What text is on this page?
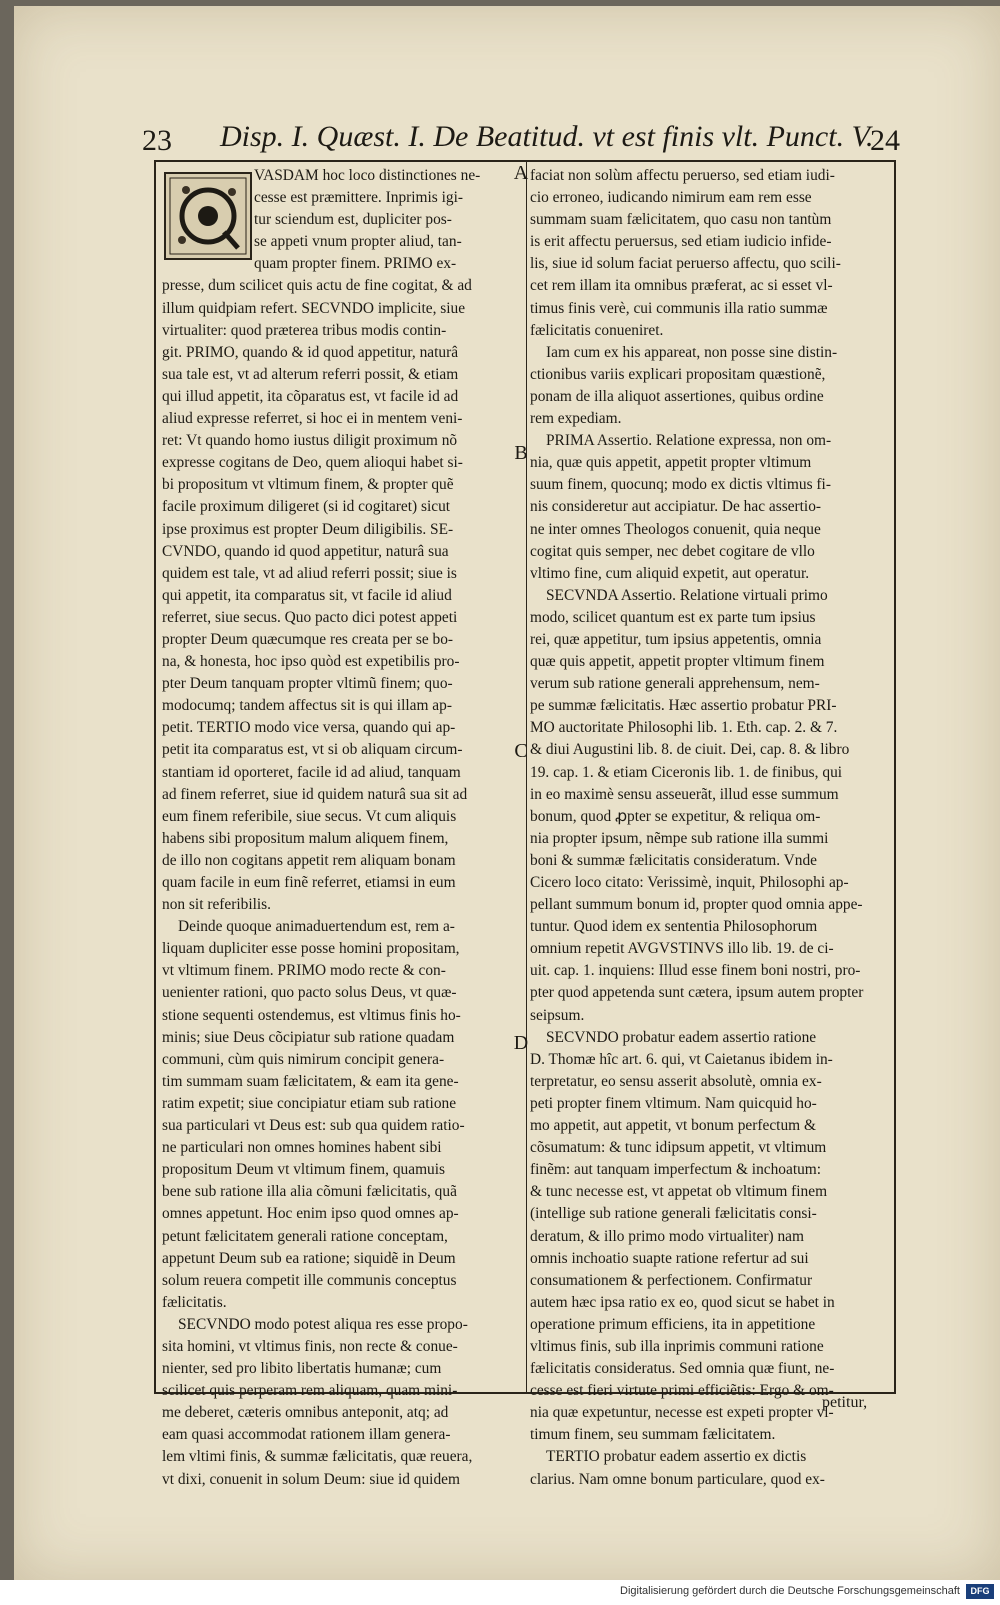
23 Disp. I. Quæst. I. De Beatitud. vt est finis vlt. Punct. V.
24
VASDAM hoc loco distinctiones ne-
cesse est præmittere. Inprimis igi-
tur sciendum est, dupliciter pos-
se appeti vnum propter aliud, tan-
quam propter finem. PRIMO ex-
presse, dum scilicet quis actu de fine cogitat, & ad
illum quidpiam refert. SECVNDO implicite, siue
virtualiter: quod præterea tribus modis contin-
git. PRIMO, quando & id quod appetitur, naturâ
sua tale est, vt ad alterum referri possit, & etiam
qui illud appetit, ita cõparatus est, vt facile id ad
aliud expresse referret, si hoc ei in mentem veni-
ret: Vt quando homo iustus diligit proximum nõ
expresse cogitans de Deo, quem alioqui habet si-
bi propositum vt vltimum finem, & propter quẽ
facile proximum diligeret (si id cogitaret) sicut
ipse proximus est propter Deum diligibilis. SE-
CVNDO, quando id quod appetitur, naturâ sua
quidem est tale, vt ad aliud referri possit; siue is
qui appetit, ita comparatus sit, vt facile id aliud
referret, siue secus. Quo pacto dici potest appeti
propter Deum quæcumque res creata per se bo-
na, & honesta, hoc ipso quòd est expetibilis pro-
pter Deum tanquam propter vltimũ finem; quo-
modocumq; tandem affectus sit is qui illam ap-
petit. TERTIO modo vice versa, quando qui ap-
petit ita comparatus est, vt si ob aliquam circum-
stantiam id oporteret, facile id ad aliud, tanquam
ad finem referret, siue id quidem naturâ sua sit ad
eum finem referibile, siue secus. Vt cum aliquis
habens sibi propositum malum aliquem finem,
de illo non cogitans appetit rem aliquam bonam
quam facile in eum finẽ referret, etiamsi in eum
non sit referibilis.
Deinde quoque animaduertendum est, rem a-
liquam dupliciter esse posse homini propositam,
vt vltimum finem. PRIMO modo recte & con-
uenienter rationi, quo pacto solus Deus, vt quæ-
stione sequenti ostendemus, est vltimus finis ho-
minis; siue Deus cõcipiatur sub ratione quadam
communi, cùm quis nimirum concipit genera-
tim summam suam fælicitatem, & eam ita gene-
ratim expetit; siue concipiatur etiam sub ratione
sua particulari vt Deus est: sub qua quidem ratio-
ne particulari non omnes homines habent sibi
propositum Deum vt vltimum finem, quamuis
bene sub ratione illa alia cõmuni fælicitatis, quã
omnes appetunt. Hoc enim ipso quod omnes ap-
petunt fælicitatem generali ratione conceptam,
appetunt Deum sub ea ratione; siquidẽ in Deum
solum reuera competit ille communis conceptus
fælicitatis.
SECVNDO modo potest aliqua res esse propo-
sita homini, vt vltimus finis, non recte & conue-
nienter, sed pro libito libertatis humanæ; cum
scilicet quis perperam rem aliquam, quam mini-
me deberet, cæteris omnibus anteponit, atq; ad
eam quasi accommodat rationem illam genera-
lem vltimi finis, & summæ fælicitatis, quæ reuera,
vt dixi, conuenit in solum Deum: siue id quidem
faciat non solùm affectu peruerso, sed etiam iudi-
cio erroneo, iudicando nimirum eam rem esse
summam suam fælicitatem, quo casu non tantùm
is erit affectu peruersus, sed etiam iudicio infide-
lis, siue id solum faciat peruerso affectu, quo scili-
cet rem illam ita omnibus præferat, ac si esset vl-
timus finis verè, cui communis illa ratio summæ
fælicitatis conueniret.
Iam cum ex his appareat, non posse sine distin-
ctionibus variis explicari propositam quæstionẽ,
ponam de illa aliquot assertiones, quibus ordine
rem expediam.
PRIMA Assertio. Relatione expressa, non om-
nia, quæ quis appetit, appetit propter vltimum
suum finem, quocunq; modo ex dictis vltimus fi-
nis consideretur aut accipiatur. De hac assertio-
ne inter omnes Theologos conuenit, quia neque
cogitat quis semper, nec debet cogitare de vllo
vltimo fine, cum aliquid expetit, aut operatur.
SECVNDA Assertio. Relatione virtuali primo
modo, scilicet quantum est ex parte tum ipsius
rei, quæ appetitur, tum ipsius appetentis, omnia
quæ quis appetit, appetit propter vltimum finem
verum sub ratione generali apprehensum, nem-
pe summæ fælicitatis. Hæc assertio probatur PRI-
MO auctoritate Philosophi lib. 1. Eth. cap. 2. & 7.
& diui Augustini lib. 8. de ciuit. Dei, cap. 8. & libro
19. cap. 1. & etiam Ciceronis lib. 1. de finibus, qui
in eo maximè sensu asseuerãt, illud esse summum
bonum, quod ꝓpter se expetitur, & reliqua om-
nia propter ipsum, nẽmpe sub ratione illa summi
boni & summæ fælicitatis consideratum. Vnde
Cicero loco citato: Verissimè, inquit, Philosophi ap-
pellant summum bonum id, propter quod omnia appe-
tuntur. Quod idem ex sententia Philosophorum
omnium repetit AVGVSTINVS illo lib. 19. de ci-
uit. cap. 1. inquiens: Illud esse finem boni nostri, pro-
pter quod appetenda sunt cætera, ipsum autem propter
seipsum.
SECVNDO probatur eadem assertio ratione
D. Thomæ hîc art. 6. qui, vt Caietanus ibidem in-
terpretatur, eo sensu asserit absolutè, omnia ex-
peti propter finem vltimum. Nam quicquid ho-
mo appetit, aut appetit, vt bonum perfectum &
cõsumatum: & tunc idipsum appetit, vt vltimum
finẽm: aut tanquam imperfectum & inchoatum:
& tunc necesse est, vt appetat ob vltimum finem
(intellige sub ratione generali fælicitatis consi-
deratum, & illo primo modo virtualiter) nam
omnis inchoatio suapte ratione refertur ad sui
consumationem & perfectionem. Confirmatur
autem hæc ipsa ratio ex eo, quod sicut se habet in
operatione primum efficiens, ita in appetitione
vltimus finis, sub illa inprimis communi ratione
fælicitatis consideratus. Sed omnia quæ fiunt, ne-
cesse est fieri virtute primi efficiẽtis: Ergo & om-
nia quæ expetuntur, necesse est expeti propter vl-
timum finem, seu summam fælicitatem.
TERTIO probatur eadem assertio ex dictis
clarius. Nam omne bonum particulare, quod ex-
A
B
C
D
petitur,
Digitalisierung gefördert durch die Deutsche Forschungsgemeinschaft	DFG
